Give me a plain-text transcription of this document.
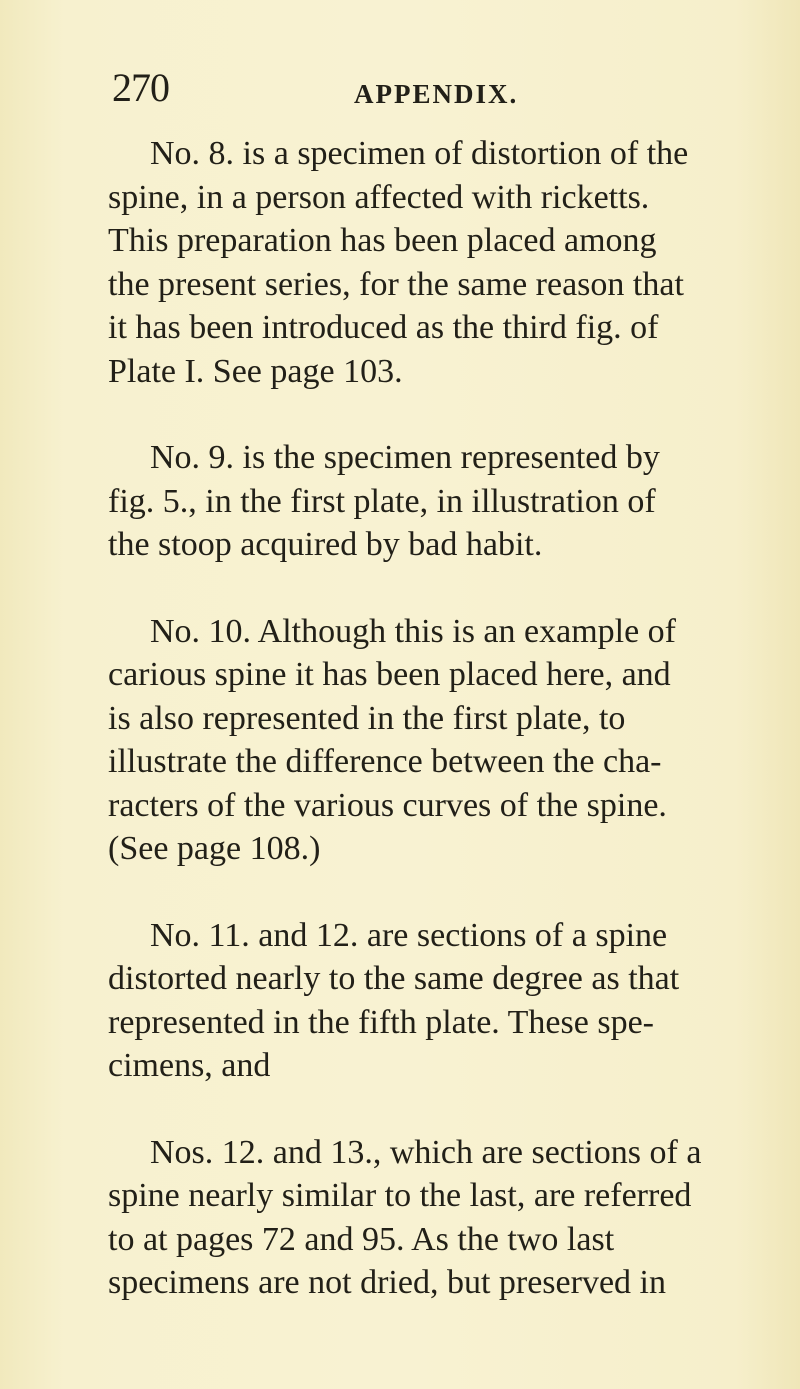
270	APPENDIX.
No. 8. is a specimen of distortion of the
spine, in a person affected with ricketts.
This preparation has been placed among
the present series, for the same reason that
it has been introduced as the third fig. of
Plate I. See page 103.
No. 9. is the specimen represented by
fig. 5., in the first plate, in illustration of
the stoop acquired by bad habit.
No. 10. Although this is an example of
carious spine it has been placed here, and
is also represented in the first plate, to
illustrate the difference between the cha-
racters of the various curves of the spine.
(See page 108.)
No. 11. and 12. are sections of a spine
distorted nearly to the same degree as that
represented in the fifth plate. These spe-
cimens, and
Nos. 12. and 13., which are sections of a
spine nearly similar to the last, are referred
to at pages 72 and 95. As the two last
specimens are not dried, but preserved in
